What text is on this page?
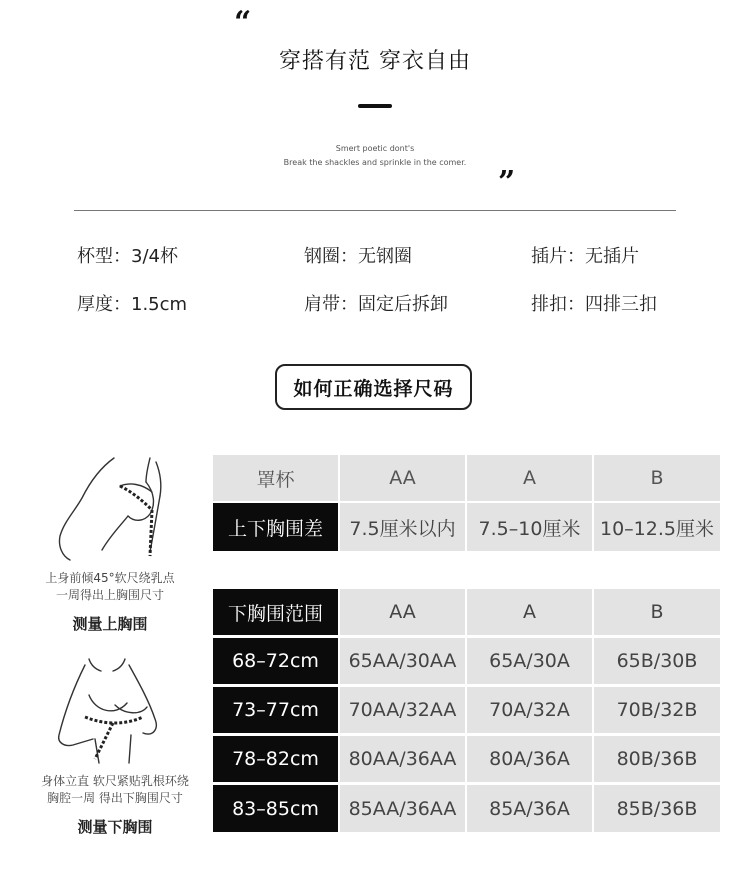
“
穿搭有范 穿衣自由
Smert poetic dont's
Break the shackles and sprinkle in the comer.
”
杯型：3/4杯	钢圈：无钢圈	插片：无插片
厚度：1.5cm	肩带：固定后拆卸	排扣：四排三扣
如何正确选择尺码
上身前倾45°软尺绕乳点
一周得出上胸围尺寸
测量上胸围
身体立直 软尺紧贴乳根环绕
胸腔一周 得出下胸围尺寸
测量下胸围
罩杯	AA	A	B
上下胸围差	7.5厘米以内	7.5–10厘米	10–12.5厘米
下胸围范围	AA	A	B
68–72cm	65AA/30AA	65A/30A	65B/30B
73–77cm	70AA/32AA	70A/32A	70B/32B
78–82cm	80AA/36AA	80A/36A	80B/36B
83–85cm	85AA/36AA	85A/36A	85B/36B
